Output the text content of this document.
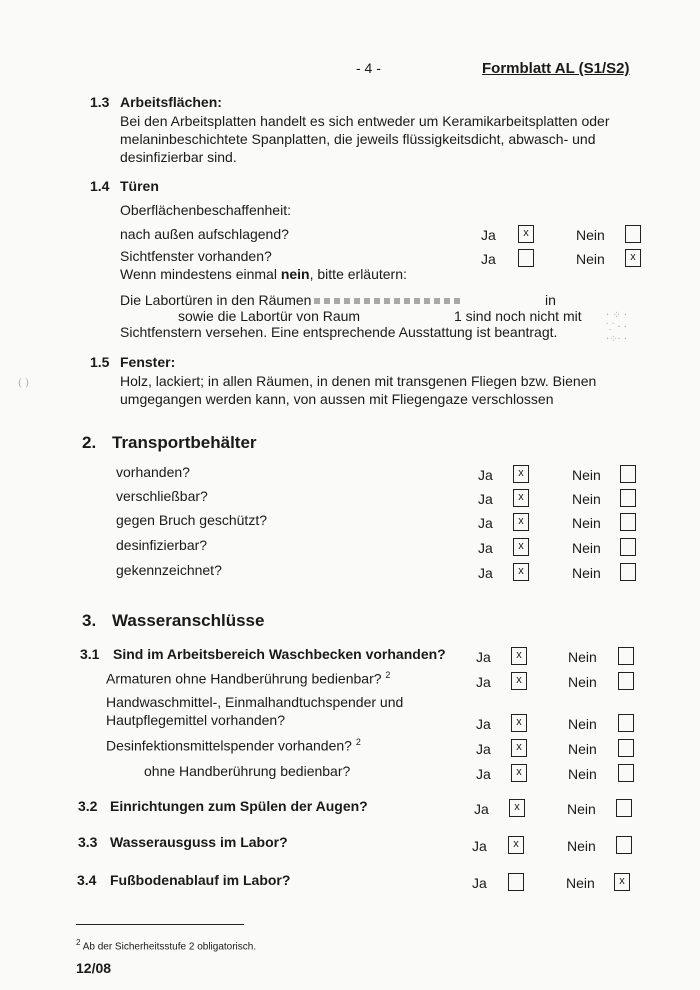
- 4 -	Formblatt AL (S1/S2)
1.3 Arbeitsflächen:
Bei den Arbeitsplatten handelt es sich entweder um Keramikarbeitsplatten oder
melaninbeschichtete Spanplatten, die jeweils flüssigkeitsdicht, abwasch- und
desinfizierbar sind.
1.4 Türen
Oberflächenbeschaffenheit:
nach außen aufschlagend?	Ja	x	Nein
Sichtfenster vorhanden?	Ja	Nein	x
Wenn mindestens einmal nein, bitte erläutern:
Die Labortüren in den Räumen	in
sowie die Labortür von Raum	1 sind noch nicht mit
Sichtfenstern versehen. Eine entsprechende Ausstattung ist beantragt.
· ⁘ ·
⸪ · ·
·⁘· ·
( )
1.5 Fenster:
Holz, lackiert; in allen Räumen, in denen mit transgenen Fliegen bzw. Bienen
umgegangen werden kann, von aussen mit Fliegengaze verschlossen
2. Transportbehälter
vorhanden?	Ja	x	Nein
verschließbar?	Ja	x	Nein
gegen Bruch geschützt?	Ja	x	Nein
desinfizierbar?	Ja	x	Nein
gekennzeichnet?	Ja	x	Nein
3. Wasseranschlüsse
3.1 Sind im Arbeitsbereich Waschbecken vorhanden? Ja	x	Nein
Armaturen ohne Handberührung bedienbar? $^2$	Ja	x	Nein
Handwaschmittel-, Einmalhandtuchspender und
Hautpflegemittel vorhanden?	Ja	x	Nein
Desinfektionsmittelspender vorhanden? $^2$	Ja	x	Nein
ohne Handberührung bedienbar?	Ja	x	Nein
3.2 Einrichtungen zum Spülen der Augen?	Ja	x	Nein
3.3 Wasserausguss im Labor?	Ja	x	Nein
3.4 Fußbodenablauf im Labor?	Ja	Nein	x
$^2$ Ab der Sicherheitsstufe 2 obligatorisch.
12/08
